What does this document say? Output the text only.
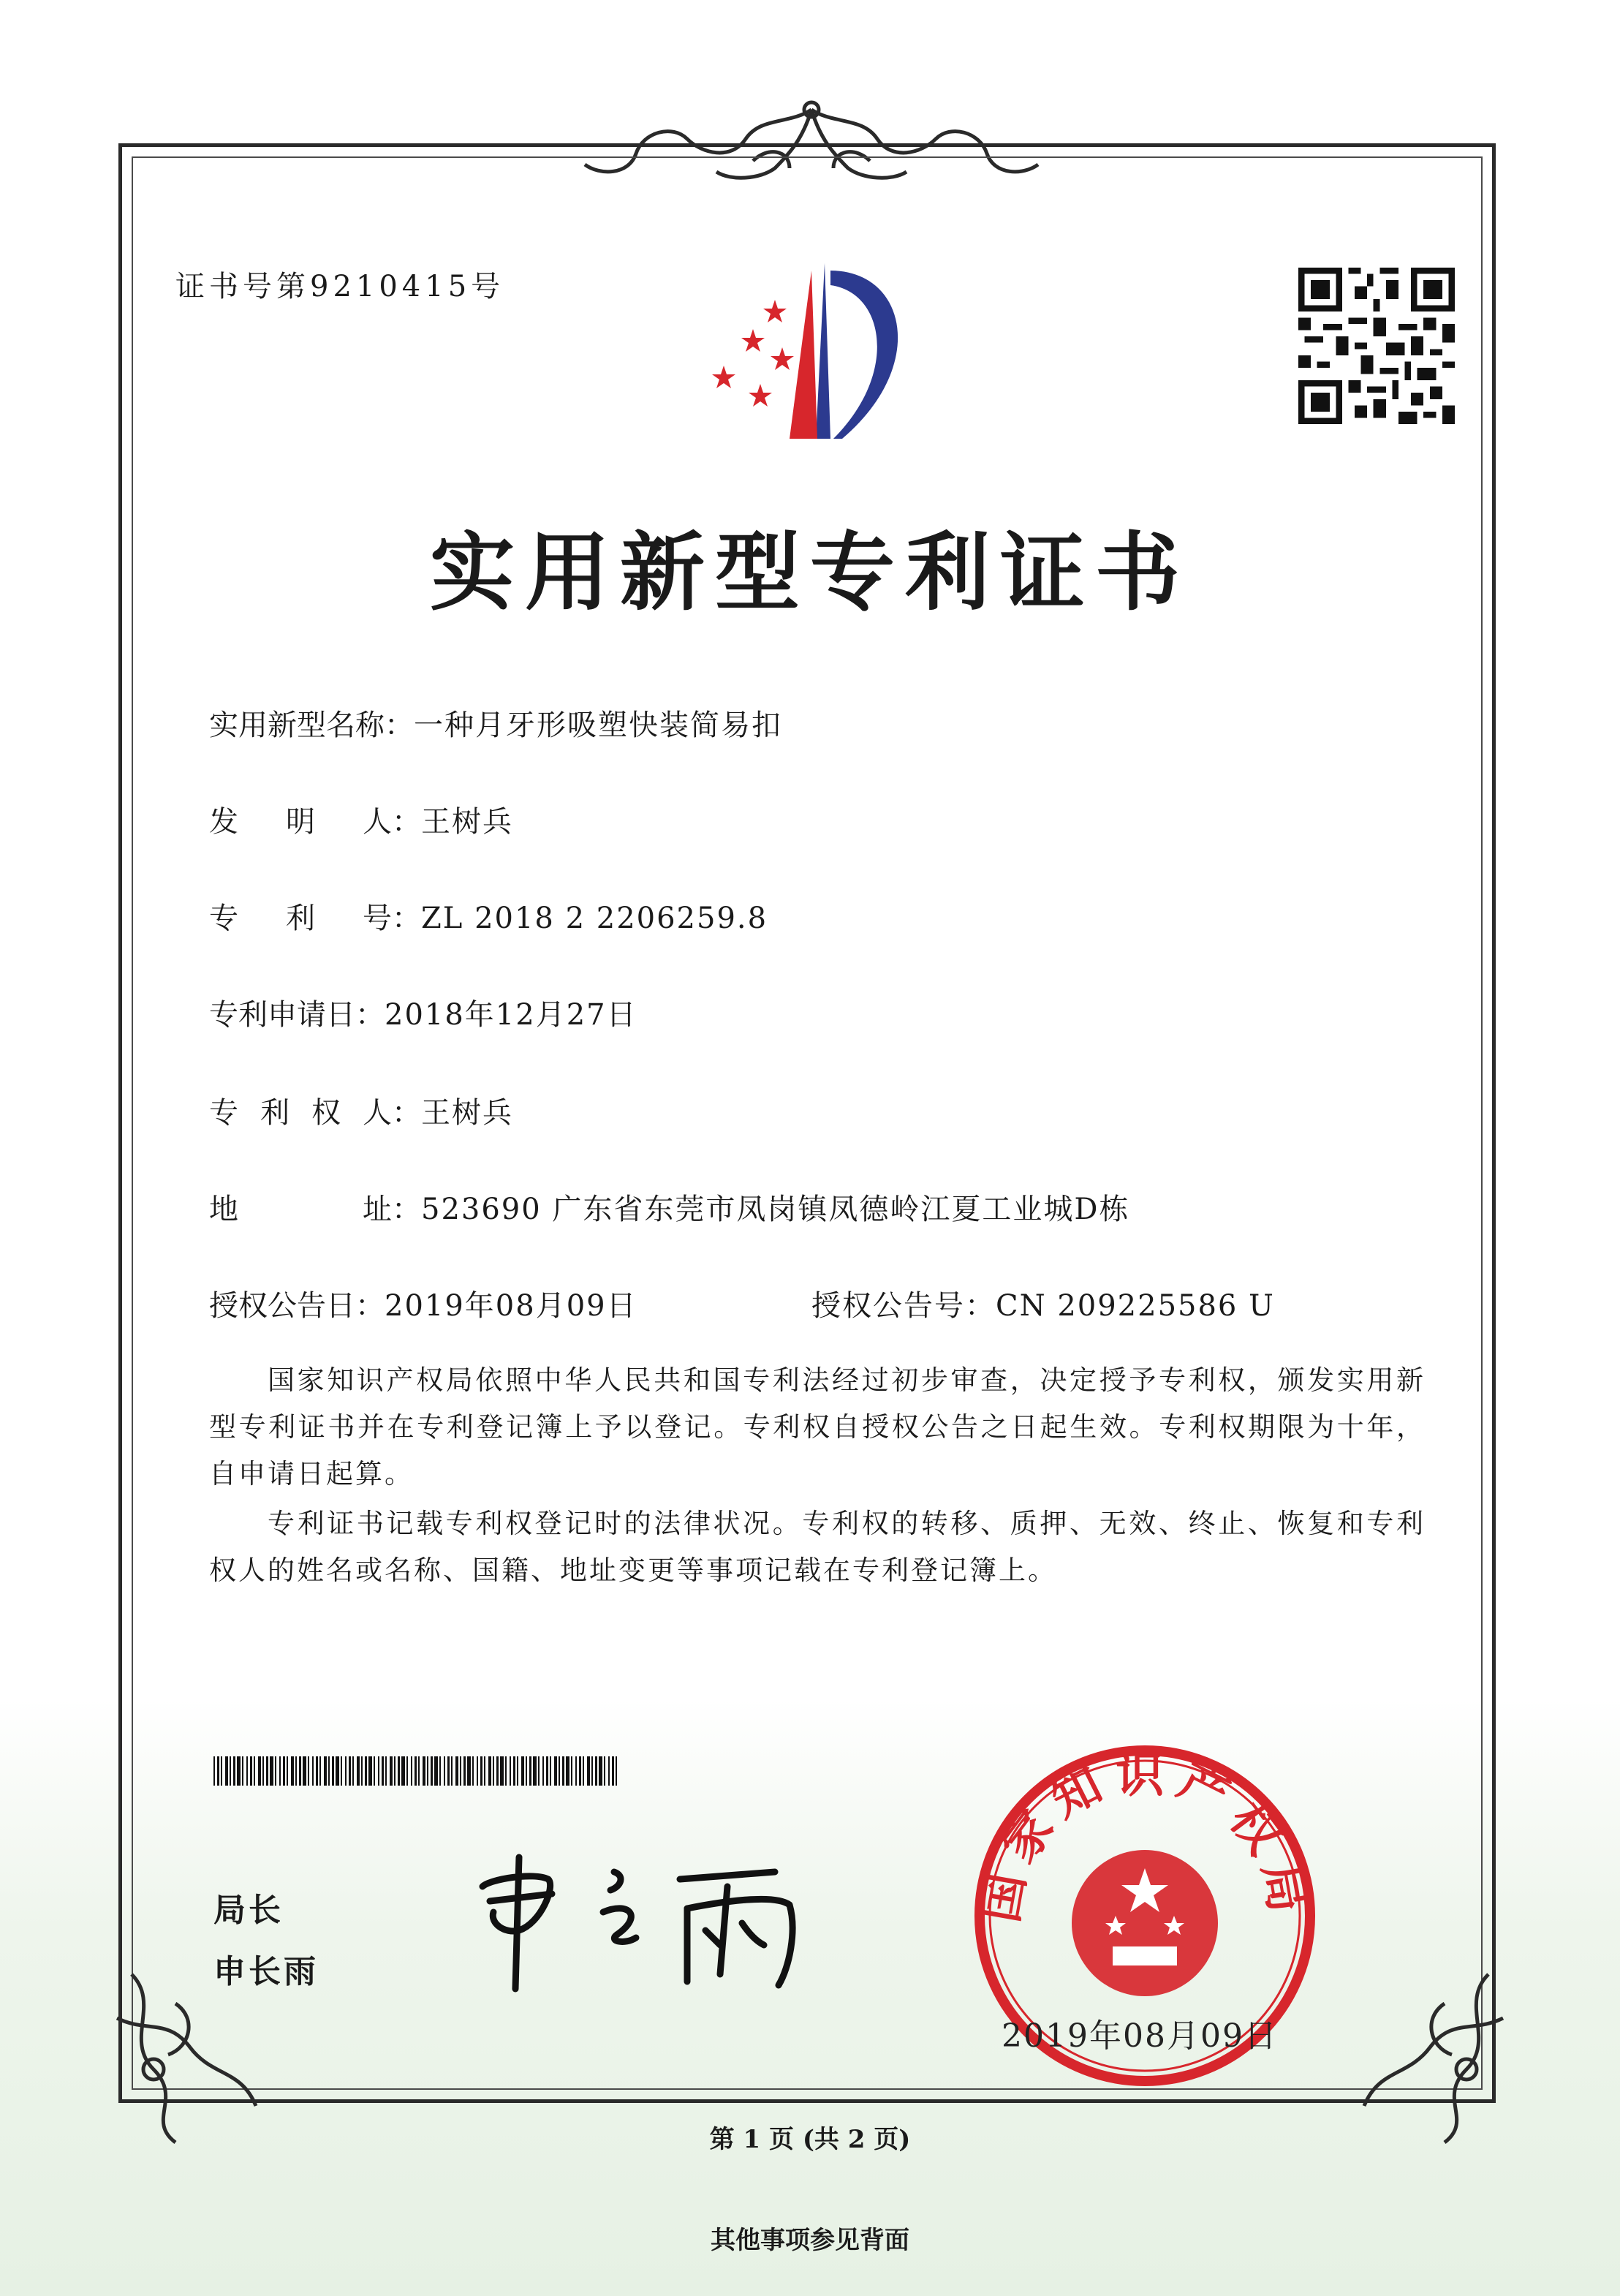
证书号第9210415号
实用新型专利证书
实用新型名称：一种月牙形吸塑快装简易扣
发 明 人 ：王树兵
专 利 号 ：ZL 2018 2 2206259.8
专利申请日：2018年12月27日
专 利 权 人 ：王树兵
地	址 ：523690 广东省东莞市凤岗镇凤德岭江夏工业城D栋
授权公告日：2019年08月09日	授权公告号：CN 209225586 U
国家知识产权局依照中华人民共和国专利法经过初步审查，决定授予专利权，颁发实用新型专利证书并在专利登记簿上予以登记。专利权自授权公告之日起生效。专利权期限为十年，自申请日起算。
专利证书记载专利权登记时的法律状况。专利权的转移、质押、无效、终止、恢复和专利权人的姓名或名称、国籍、地址变更等事项记载在专利登记簿上。
局长
申长雨
国家知识产权局
2019年08月09日
第 1 页 (共 2 页)
其他事项参见背面
